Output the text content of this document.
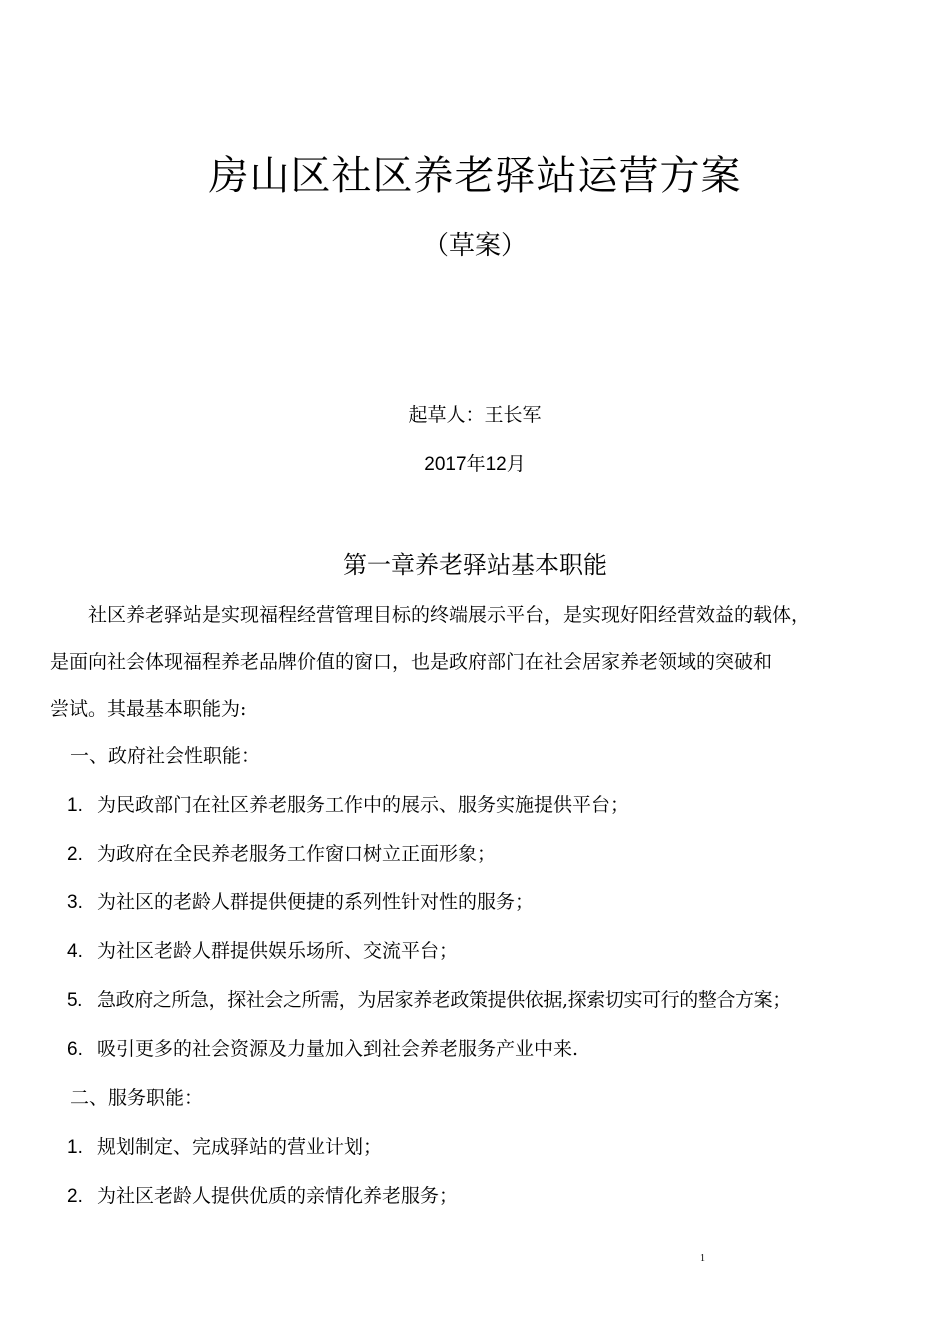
房山区社区养老驿站运营方案
（草案）
起草人：王长军
2017年12月
第一章养老驿站基本职能

社区养老驿站是实现福程经营管理目标的终端展示平台，是实现好阳经营效益的载体，
是面向社会体现福程养老品牌价值的窗口，也是政府部门在社会居家养老领域的突破和
尝试。其最基本职能为:

一、政府社会性职能：
1. 为民政部门在社区养老服务工作中的展示、服务实施提供平台；
2. 为政府在全民养老服务工作窗口树立正面形象；
3. 为社区的老龄人群提供便捷的系列性针对性的服务；
4. 为社区老龄人群提供娱乐场所、交流平台；
5. 急政府之所急，探社会之所需，为居家养老政策提供依据,探索切实可行的整合方案；
6. 吸引更多的社会资源及力量加入到社会养老服务产业中来.
二、服务职能：
1. 规划制定、完成驿站的营业计划；
2. 为社区老龄人提供优质的亲情化养老服务；
1
